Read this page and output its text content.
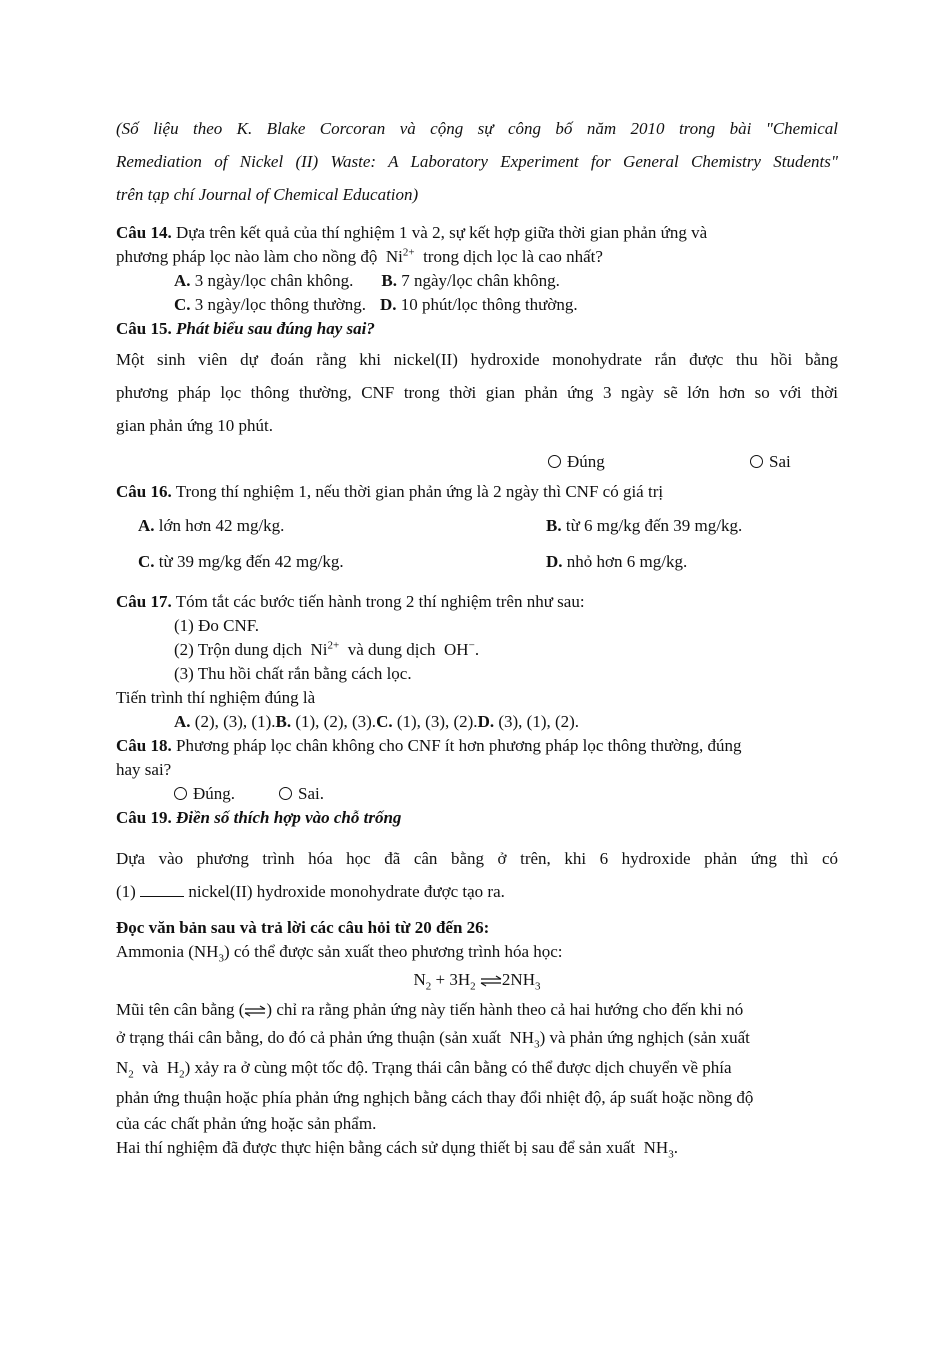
(Số liệu theo K. Blake Corcoran và cộng sự công bố năm 2010 trong bài "Chemical
Remediation of Nickel (II) Waste: A Laboratory Experiment for General Chemistry Students"
trên tạp chí Journal of Chemical Education)
Câu 14. Dựa trên kết quả của thí nghiệm 1 và 2, sự kết hợp giữa thời gian phản ứng và
phương pháp lọc nào làm cho nồng độ $Ni^{2+}$ trong dịch lọc là cao nhất?
A. 3 ngày/lọc chân không. B. 7 ngày/lọc chân không.
C. 3 ngày/lọc thông thường. D. 10 phút/lọc thông thường.
Câu 15. Phát biểu sau đúng hay sai?
Một sinh viên dự đoán rằng khi nickel(II) hydroxide monohydrate rắn được thu hồi bằng
phương pháp lọc thông thường, CNF trong thời gian phản ứng 3 ngày sẽ lớn hơn so với thời
gian phản ứng 10 phút.
Đúng	Sai
Câu 16. Trong thí nghiệm 1, nếu thời gian phản ứng là 2 ngày thì CNF có giá trị
A. lớn hơn 42 mg/kg.	B. từ 6 mg/kg đến 39 mg/kg.
C. từ 39 mg/kg đến 42 mg/kg.	D. nhỏ hơn 6 mg/kg.
Câu 17. Tóm tắt các bước tiến hành trong 2 thí nghiệm trên như sau:
(1) Đo CNF.
(2) Trộn dung dịch $Ni^{2+}$ và dung dịch OH−.
(3) Thu hồi chất rắn bằng cách lọc.
Tiến trình thí nghiệm đúng là
A. (2), (3), (1).B. (1), (2), (3).C. (1), (3), (2).D. (3), (1), (2).
Câu 18. Phương pháp lọc chân không cho CNF ít hơn phương pháp lọc thông thường, đúng
hay sai?
Đúng.	Sai.
Câu 19. Điền số thích hợp vào chỗ trống
Dựa vào phương trình hóa học đã cân bằng ở trên, khi 6 hydroxide phản ứng thì có
(1)	nickel(II) hydroxide monohydrate được tạo ra.
Đọc văn bản sau và trả lời các câu hỏi từ 20 đến 26:
Ammonia $(NH_3)$ có thể được sản xuất theo phương trình hóa học:
$N_2 + 3H_2$ $\rightleftharpoons 2NH_3$
Mũi tên cân bằng (⇌) chỉ ra rằng phản ứng này tiến hành theo cả hai hướng cho đến khi nó
ở trạng thái cân bằng, do đó cả phản ứng thuận (sản xuất $NH_3$) và phản ứng nghịch (sản xuất
$N_2$ và $H_2$) xảy ra ở cùng một tốc độ. Trạng thái cân bằng có thể được dịch chuyển về phía
phản ứng thuận hoặc phía phản ứng nghịch bằng cách thay đổi nhiệt độ, áp suất hoặc nồng độ
của các chất phản ứng hoặc sản phẩm.
Hai thí nghiệm đã được thực hiện bằng cách sử dụng thiết bị sau để sản xuất $NH_3$.
